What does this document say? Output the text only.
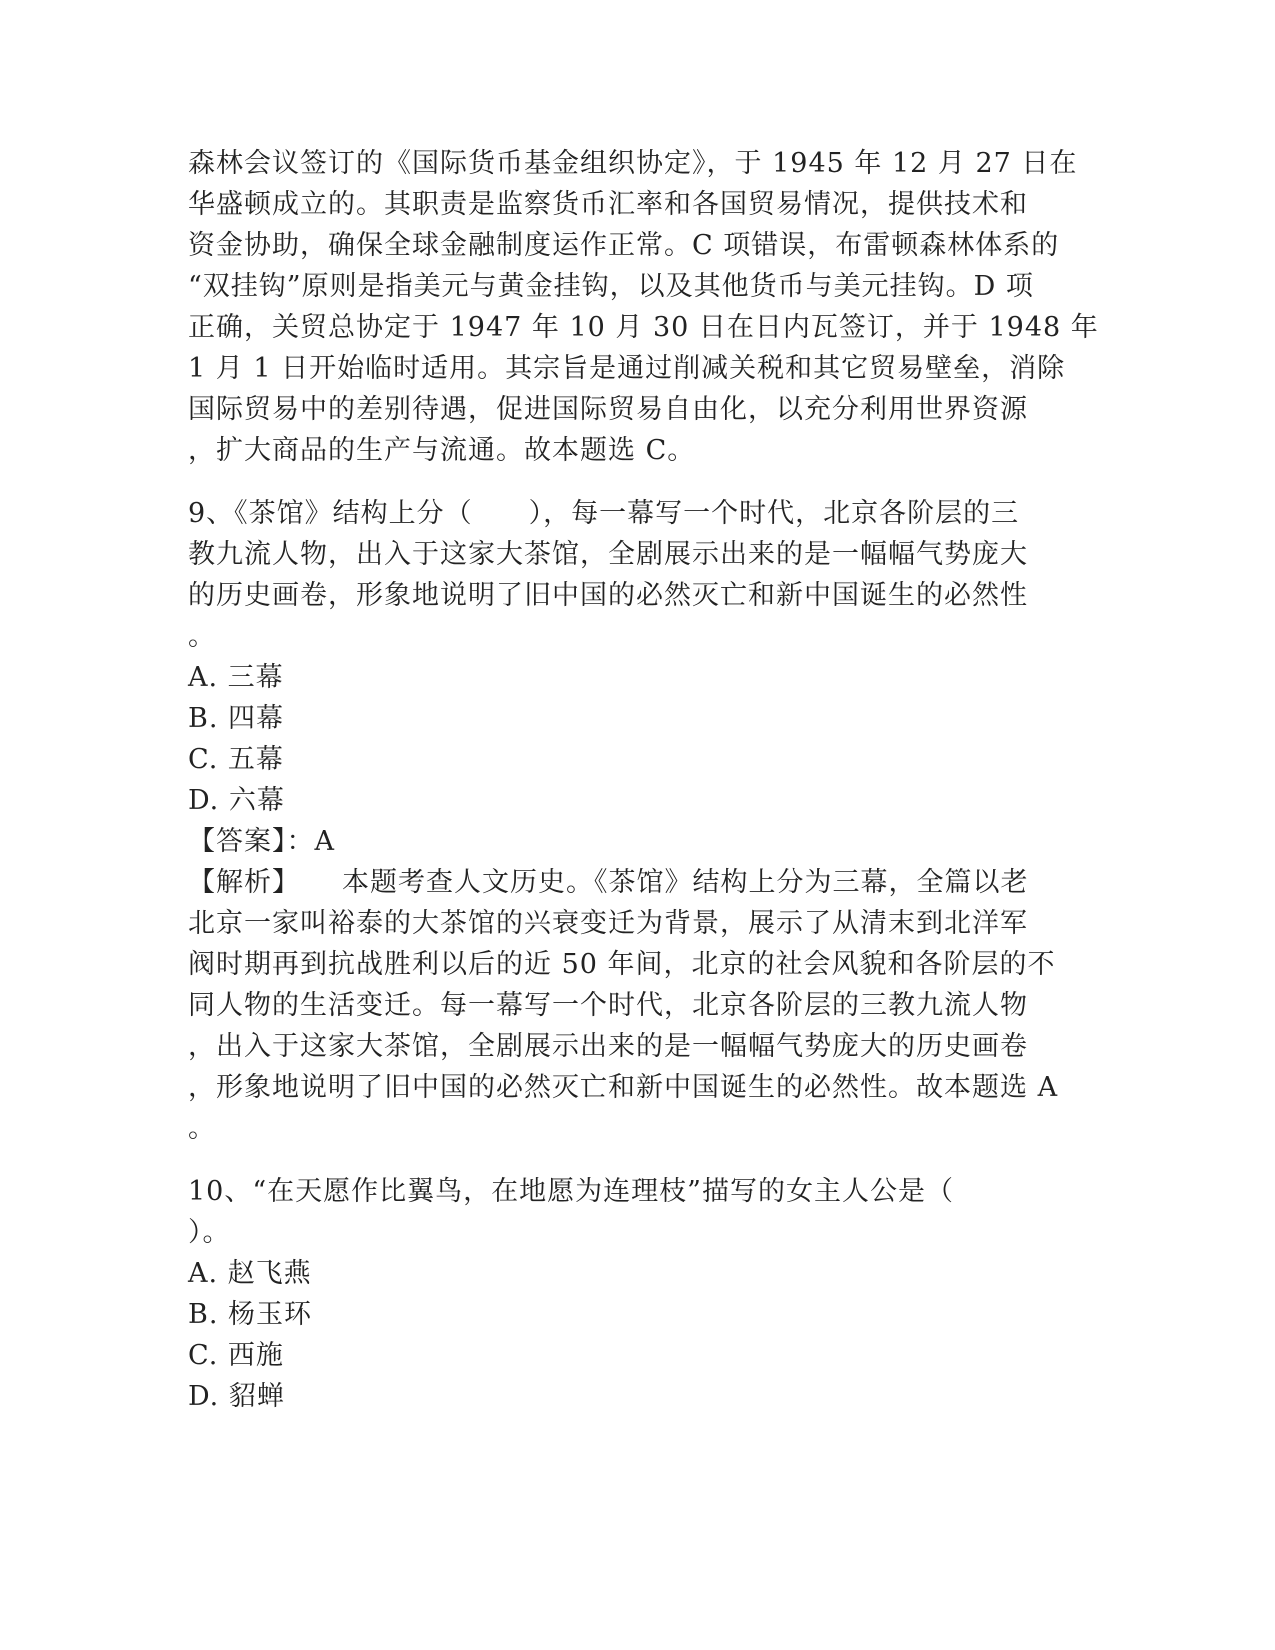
森林会议签订的《国际货币基金组织协定》，于 1945 年 12 月 27 日在
华盛顿成立的。其职责是监察货币汇率和各国贸易情况，提供技术和
资金协助，确保全球金融制度运作正常。C 项错误，布雷顿森林体系的
“双挂钩”原则是指美元与黄金挂钩，以及其他货币与美元挂钩。D 项
正确，关贸总协定于 1947 年 10 月 30 日在日内瓦签订，并于 1948 年
1 月 1 日开始临时适用。其宗旨是通过削减关税和其它贸易壁垒，消除
国际贸易中的差别待遇，促进国际贸易自由化，以充分利用世界资源
，扩大商品的生产与流通。故本题选 C。
9、《茶馆》结构上分（　　），每一幕写一个时代，北京各阶层的三
教九流人物，出入于这家大茶馆，全剧展示出来的是一幅幅气势庞大
的历史画卷，形象地说明了旧中国的必然灭亡和新中国诞生的必然性
。
A. 三幕
B. 四幕
C. 五幕
D. 六幕
【答案】：A
【解析】 本题考查人文历史。《茶馆》结构上分为三幕，全篇以老
北京一家叫裕泰的大茶馆的兴衰变迁为背景，展示了从清末到北洋军
阀时期再到抗战胜利以后的近 50 年间，北京的社会风貌和各阶层的不
同人物的生活变迁。每一幕写一个时代，北京各阶层的三教九流人物
，出入于这家大茶馆，全剧展示出来的是一幅幅气势庞大的历史画卷
，形象地说明了旧中国的必然灭亡和新中国诞生的必然性。故本题选 A
。
10、“在天愿作比翼鸟，在地愿为连理枝”描写的女主人公是（
）。
A. 赵飞燕
B. 杨玉环
C. 西施
D. 貂蝉
